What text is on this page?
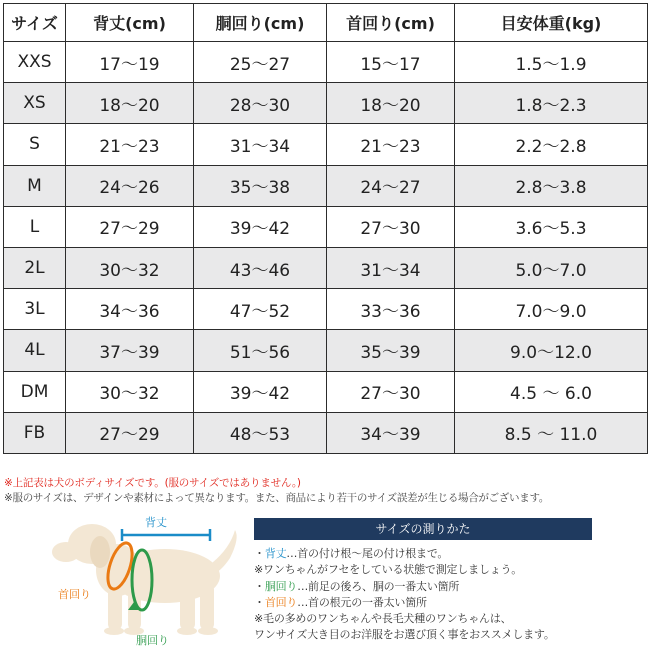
サイズ	背丈(cm)	胴回り(cm)	首回り(cm)	目安体重(kg)
XXS	17〜19	25〜27	15〜17	1.5〜1.9
XS	18〜20	28〜30	18〜20	1.8〜2.3
S	21〜23	31〜34	21〜23	2.2〜2.8
M	24〜26	35〜38	24〜27	2.8〜3.8
L	27〜29	39〜42	27〜30	3.6〜5.3
2L	30〜32	43〜46	31〜34	5.0〜7.0
3L	34〜36	47〜52	33〜36	7.0〜9.0
4L	37〜39	51〜56	35〜39	9.0〜12.0
DM	30〜32	39〜42	27〜30	4.5 〜 6.0
FB	27〜29	48〜53	34〜39	8.5 〜 11.0
※上記表は犬のボディサイズです。(服のサイズではありません。)
※服のサイズは、デザインや素材によって異なります。また、商品により若干のサイズ誤差が生じる場合がございます。
背丈
首回り
胴回り
サイズの測りかた
・背丈…首の付け根〜尾の付け根まで。
※ワンちゃんがフセをしている状態で測定しましょう。
・胴回り…前足の後ろ、胴の一番太い箇所
・首回り…首の根元の一番太い箇所
※毛の多めのワンちゃんや長毛犬種のワンちゃんは、
ワンサイズ大き目のお洋服をお選び頂く事をおススメします。
